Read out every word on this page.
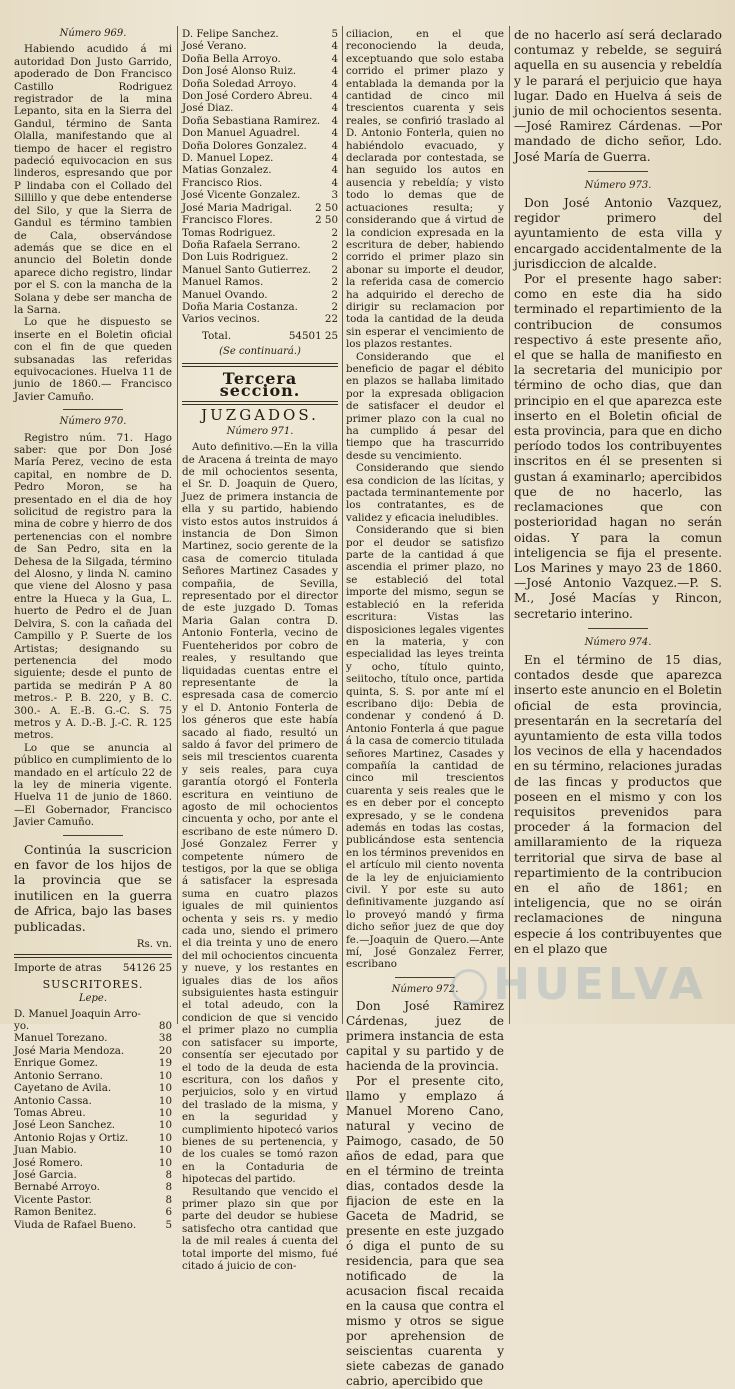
Número 969.

Habiendo acudido á mi autoridad Don Justo Garrido, apoderado de Don Francisco Castillo Rodriguez registrador de la mina Lepanto, sita en la Sierra del Gandul, término de Santa Olalla, manifestando que al tiempo de hacer el registro padeció equivocacion en sus linderos, espresando que por P lindaba con el Collado del Sillillo y que debe entenderse del Silo, y que la Sierra de Gandul es término tambien de Cala, observándose además que se dice en el anuncio del Boletin donde aparece dicho registro, lindar por el S. con la mancha de la Solana y debe ser mancha de la Sarna.

Lo que he dispuesto se inserte en el Boletin oficial con el fin de que queden subsanadas las referidas equivocaciones. Huelva 11 de junio de 1860.— Francisco Javier Camuño.

Número 970.

Registro núm. 71. Hago saber: que por Don José María Perez, vecino de esta capital, en nombre de D. Pedro Moron, se ha presentado en el dia de hoy solicitud de registro para la mina de cobre y hierro de dos pertenencias con el nombre de San Pedro, sita en la Dehesa de la Silgada, término del Alosno, y linda N. camino que viene del Alosno y pasa entre la Hueca y la Gua, L. huerto de Pedro el de Juan Delvira, S. con la cañada del Campillo y P. Suerte de los Artistas; designando su pertenencia del modo siguiente; desde el punto de partida se medirán P A 80 metros.- P. B. 220, y B. C. 300.- A. E.-B. G.-C. S. 75 metros y A. D.-B. J.-C. R. 125 metros.

Lo que se anuncia al público en cumplimiento de lo mandado en el artículo 22 de la ley de mineria vigente. Huelva 11 de junio de 1860. —El Gobernador, Francisco Javier Camuño.

Continúa la suscricion en favor de los hijos de la provincia que se inutilicen en la guerra de Africa, bajo las bases publicadas.

Rs. vn.
Importe de atras 54126 25
SUSCRITORES.
Lepe.
D. Manuel Joaquin Arro-
yo.	80
Manuel Torezano.	38
José Maria Mendoza.	20
Enrique Gomez.	19
Antonio Serrano.	10
Cayetano de Avila.	10
Antonio Cassa.	10
Tomas Abreu.	10
José Leon Sanchez.	10
Antonio Rojas y Ortiz.	10
Juan Mabio.	10
José Romero.	10
José Garcia.	8
Bernabé Arroyo.	8
Vicente Pastor.	8
Ramon Benitez.	6
Viuda de Rafael Bueno.	5
D. Felipe Sanchez.	5
José Verano.	4
Doña Bella Arroyo.	4
Don José Alonso Ruiz.	4
Doña Soledad Arroyo.	4
Don José Cordero Abreu.	4
José Diaz.	4
Doña Sebastiana Ramirez.	4
Don Manuel Aguadrel.	4
Doña Dolores Gonzalez.	4
D. Manuel Lopez.	4
Matias Gonzalez.	4
Francisco Rios.	4
José Vicente Gonzalez.	3
José Maria Madrigal.	2 50
Francisco Flores.	2 50
Tomas Rodriguez.	2
Doña Rafaela Serrano.	2
Don Luis Rodriguez.	2
Manuel Santo Gutierrez.	2
Manuel Ramos.	2
Manuel Ovando.	2
Doña Maria Costanza.	2
Varios vecinos.	22
Total.	54501 25
(Se continuará.)
Tercera seccion.
JUZGADOS.
Número 971.

Auto definitivo.—En la villa de Aracena á treinta de mayo de mil ochocientos sesenta, el Sr. D. Joaquin de Quero, Juez de primera instancia de ella y su partido, habiendo visto estos autos instruidos á instancia de Don Simon Martinez, socio gerente de la casa de comercio titulada Señores Martinez Casades y compañia, de Sevilla, representado por el director de este juzgado D. Tomas Maria Galan contra D. Antonio Fonterla, vecino de Fuenteheridos por cobro de reales, y resultando que liquidadas cuentas entre el representante de la espresada casa de comercio y el D. Antonio Fonterla de los géneros que este había sacado al fiado, resultó un saldo á favor del primero de seis mil trescientos cuarenta y seis reales, para cuya garantía otorgó el Fonterla escritura en veintiuno de agosto de mil ochocientos cincuenta y ocho, por ante el escribano de este número D. José Gonzalez Ferrer y competente número de testigos, por la que se obliga á satisfacer la espresada suma en cuatro plazos iguales de mil quinientos ochenta y seis rs. y medio cada uno, siendo el primero el dia treinta y uno de enero del mil ochocientos cincuenta y nueve, y los restantes en iguales dias de los años subsiguientes hasta estinguir el total adeudo, con la condicion de que si vencido el primer plazo no cumplia con satisfacer su importe, consentía ser ejecutado por el todo de la deuda de esta escritura, con los daños y perjuicios, solo y en virtud del traslado de la misma, y en la seguridad y cumplimiento hipotecó varios bienes de su pertenencia, y de los cuales se tomó razon en la Contaduria de hipotecas del partido.

Resultando que vencido el primer plazo sin que por parte del deudor se hubiese satisfecho otra cantidad que la de mil reales á cuenta del total importe del mismo, fué citado á juicio de con-

ciliacion, en el que reconociendo la deuda, exceptuando que solo estaba corrido el primer plazo y entablada la demanda por la cantidad de cinco mil trescientos cuarenta y seis reales, se confirió traslado al D. Antonio Fonterla, quien no habiéndolo evacuado, y declarada por contestada, se han seguido los autos en ausencia y rebeldía; y visto todo lo demas que de actuaciones resulta; y considerando que á virtud de la condicion expresada en la escritura de deber, habiendo corrido el primer plazo sin abonar su importe el deudor, la referida casa de comercio ha adquirido el derecho de dirigir su reclamacion por toda la cantidad de la deuda sin esperar el vencimiento de los plazos restantes.

Considerando que el beneficio de pagar el débito en plazos se hallaba limitado por la expresada obligacion de satisfacer el deudor el primer plazo con la cual no ha cumplido á pesar del tiempo que ha trascurrido desde su vencimiento.

Considerando que siendo esa condicion de las lícitas, y pactada terminantemente por los contratantes, es de validez y eficacia ineludibles.

Considerando que si bien por el deudor se satisfizo parte de la cantidad á que ascendia el primer plazo, no se estableció del total importe del mismo, segun se estableció en la referida escritura: Vistas las disposiciones legales vigentes en la materia, y con especialidad las leyes treinta y ocho, título quinto, seiitocho, título once, partida quinta, S. S. por ante mí el escribano dijo: Debia de condenar y condenó á D. Antonio Fonterla á que pague á la casa de comercio titulada señores Martinez, Casades y compañía la cantidad de cinco mil trescientos cuarenta y seis reales que le es en deber por el concepto expresado, y se le condena además en todas las costas, publicándose esta sentencia en los términos prevenidos en el artículo mil ciento noventa de la ley de enjuiciamiento civil. Y por este su auto definitivamente juzgando así lo proveyó mandó y firma dicho señor juez de que doy fe.—Joaquin de Quero.—Ante mí, José Gonzalez Ferrer, escribano

Número 972.

Don José Ramirez Cárdenas, juez de primera instancia de esta capital y su partido y de hacienda de la provincia.

Por el presente cito, llamo y emplazo á Manuel Moreno Cano, natural y vecino de Paimogo, casado, de 50 años de edad, para que en el término de treinta dias, contados desde la fijacion de este en la Gaceta de Madrid, se presente en este juzgado ó diga el punto de su residencia, para que sea notificado de la acusacion fiscal recaida en la causa que contra el mismo y otros se sigue por aprehension de seiscientas cuarenta y siete cabezas de ganado cabrio, apercibido que

de no hacerlo así será declarado contumaz y rebelde, se seguirá aquella en su ausencia y rebeldía y le parará el perjuicio que haya lugar. Dado en Huelva á seis de junio de mil ochocientos sesenta.—José Ramirez Cárdenas. —Por mandado de dicho señor, Ldo. José María de Guerra.

Número 973.

Don José Antonio Vazquez, regidor primero del ayuntamiento de esta villa y encargado accidentalmente de la jurisdiccion de alcalde.

Por el presente hago saber: como en este dia ha sido terminado el repartimiento de la contribucion de consumos respectivo á este presente año, el que se halla de manifiesto en la secretaria del municipio por término de ocho dias, que dan principio en el que aparezca este inserto en el Boletin oficial de esta provincia, para que en dicho período todos los contribuyentes inscritos en él se presenten si gustan á examinarlo; apercibidos que de no hacerlo, las reclamaciones que con posterioridad hagan no serán oidas. Y para la comun inteligencia se fija el presente. Los Marines y mayo 23 de 1860.—José Antonio Vazquez.—P. S. M., José Macías y Rincon, secretario interino.

Número 974.

En el término de 15 dias, contados desde que aparezca inserto este anuncio en el Boletin oficial de esta provincia, presentarán en la secretaría del ayuntamiento de esta villa todos los vecinos de ella y hacendados en su término, relaciones juradas de las fincas y productos que poseen en el mismo y con los requisitos prevenidos para proceder á la formacion del amillaramiento de la riqueza territorial que sirva de base al repartimiento de la contribucion en el año de 1861; en inteligencia, que no se oirán reclamaciones de ninguna especie á los contribuyentes que en el plazo que

HUELVA
